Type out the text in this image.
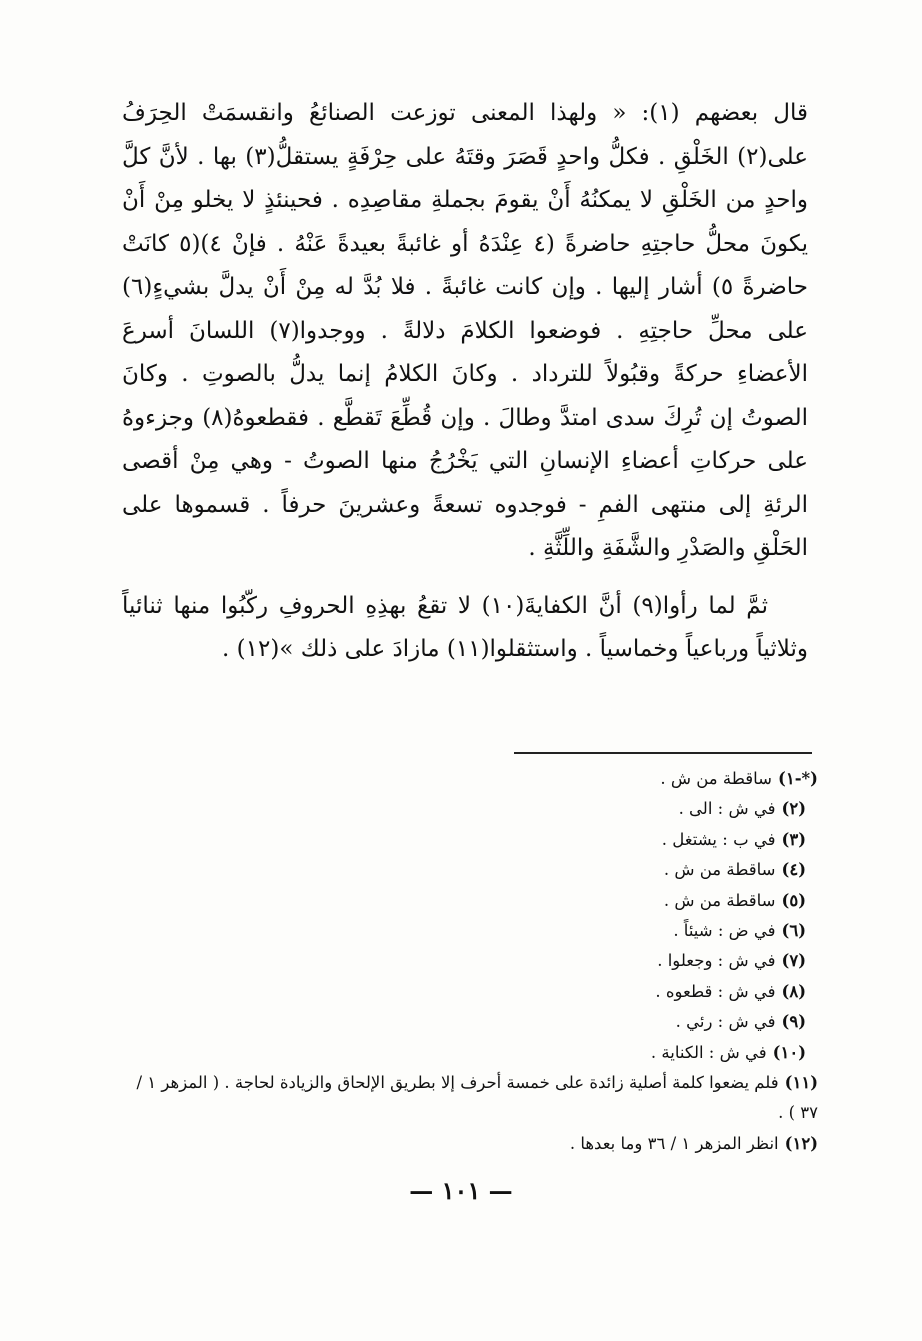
قال بعضهم (١): « ولهذا المعنى توزعت الصنائعُ وانقسمَتْ الحِرَفُ على(٢) الخَلْقِ . فكلُّ واحدٍ قَصَرَ وقتَهُ على حِرْفَةٍ يستقلُّ(٣) بها . لأنَّ كلَّ واحدٍ من الخَلْقِ لا يمكنُهُ أَنْ يقومَ بجملةِ مقاصِدِه . فحينئذٍ لا يخلو مِنْ أَنْ يكونَ محلُّ حاجتِهِ حاضرةً (٤ عِنْدَهُ أو غائبةً بعيدةً عَنْهُ . فإنْ ٤)(٥ كانَتْ حاضرةً ٥) أشار إليها . وإن كانت غائبةً . فلا بُدَّ له مِنْ أَنْ يدلَّ بشيءٍ(٦) على محلِّ حاجتِهِ . فوضعوا الكلامَ دلالةً . ووجدوا(٧) اللسانَ أسرعَ الأعضاءِ حركةً وقبُولاً للترداد . وكانَ الكلامُ إنما يدلُّ بالصوتِ . وكانَ الصوتُ إن تُرِكَ سدى امتدَّ وطالَ . وإن قُطِّعَ تَقطَّع . فقطعوهُ(٨) وجزءوهُ على حركاتِ أعضاءِ الإنسانِ التي يَخْرُجُ منها الصوتُ - وهي مِنْ أقصى الرئةِ إلى منتهى الفمِ - فوجدوه تسعةً وعشرينَ حرفاً . قسموها على الحَلْقِ والصَدْرِ والشَّفَةِ واللِّثَّةِ .

ثمَّ لما رأوا(٩) أنَّ الكفايةَ(١٠) لا تقعُ بهذِهِ الحروفِ ركّبُوا منها ثنائياً وثلاثياً ورباعياً وخماسياً . واستثقلوا(١١) مازادَ على ذلك »(١٢) .

(*-١)ساقطة من ش .
(٢)في ش : الى .
(٣)في ب : يشتغل .
(٤)ساقطة من ش .
(٥)ساقطة من ش .
(٦)في ض : شيئاً .
(٧)في ش : وجعلوا .
(٨)في ش : قطعوه .
(٩)في ش : رئي .
(١٠)في ش : الكناية .
(١١)فلم يضعوا كلمة أصلية زائدة على خمسة أحرف إلا بطريق الإلحاق والزيادة لحاجة . ( المزهر ١ / ٣٧ ) .
(١٢)انظر المزهر ١ / ٣٦ وما بعدها .
— ١٠١ —
